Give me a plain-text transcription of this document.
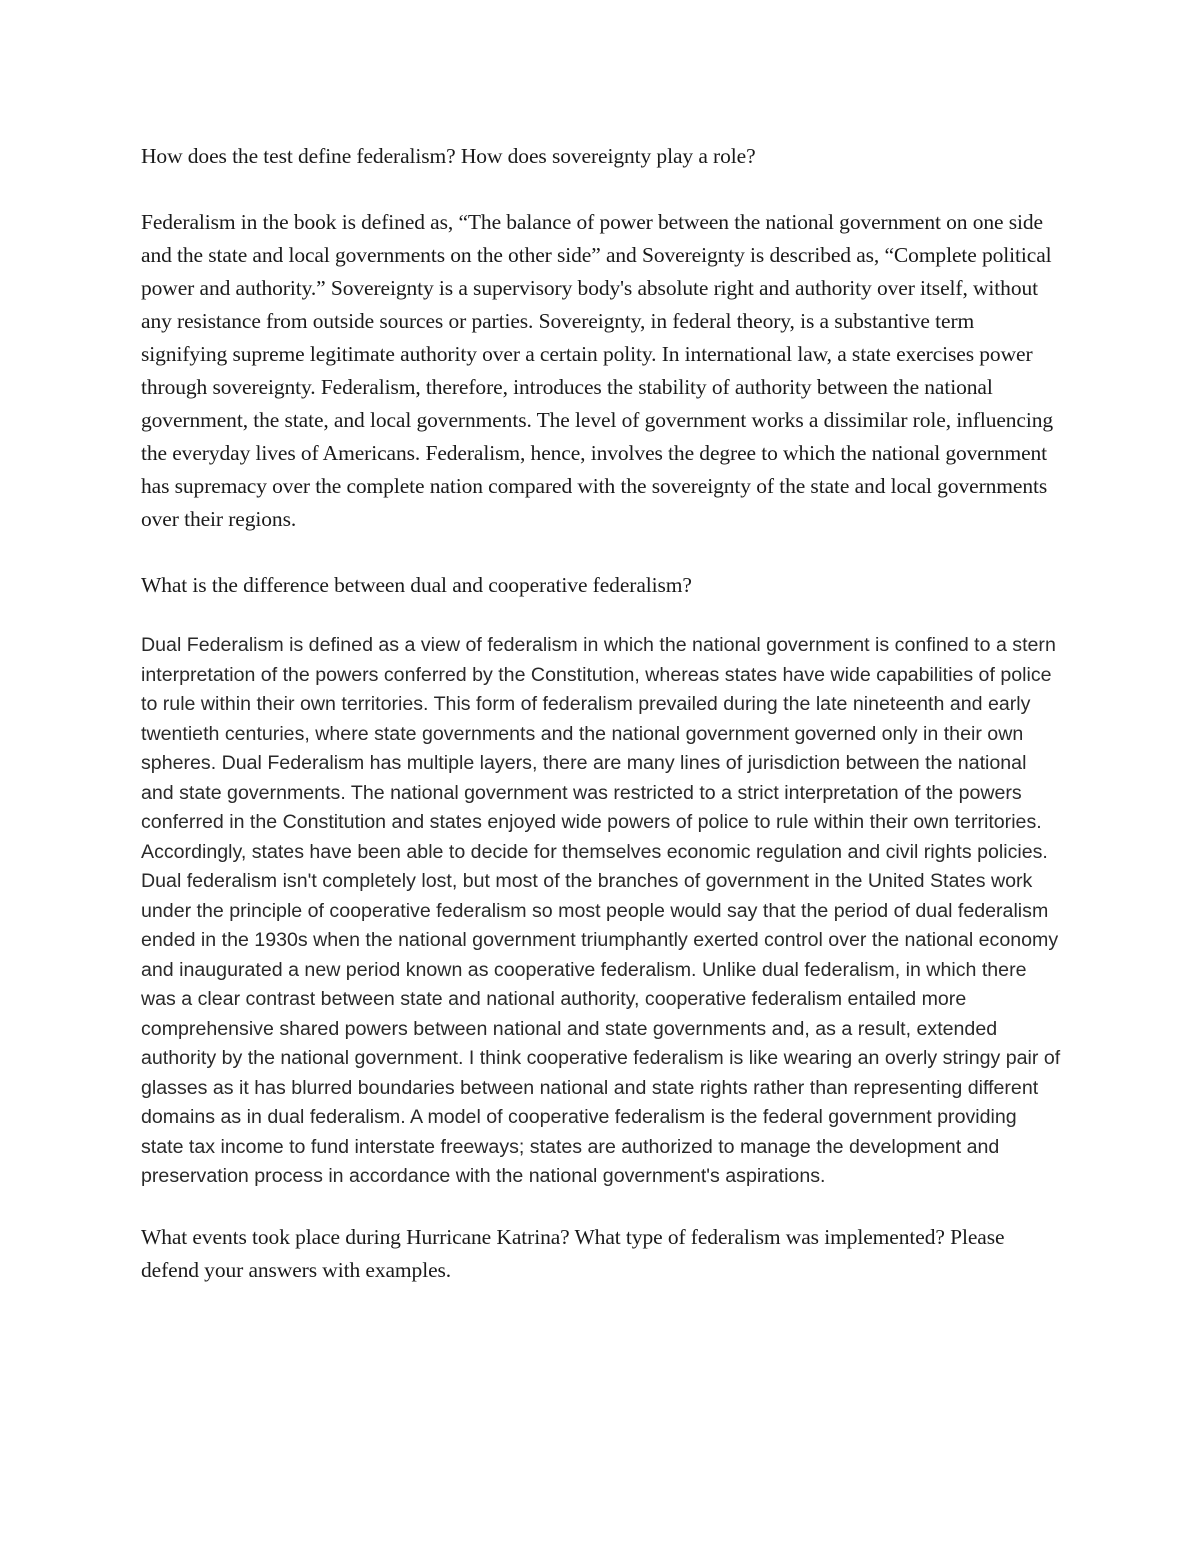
How does the test define federalism? How does sovereignty play a role?

Federalism in the book is defined as, “The balance of power between the national government on one side and the state and local governments on the other side” and Sovereignty is described as, “Complete political power and authority.” Sovereignty is a supervisory body's absolute right and authority over itself, without any resistance from outside sources or parties. Sovereignty, in federal theory, is a substantive term signifying supreme legitimate authority over a certain polity. In international law, a state exercises power through sovereignty. Federalism, therefore, introduces the stability of authority between the national government, the state, and local governments. The level of government works a dissimilar role, influencing the everyday lives of Americans. Federalism, hence, involves the degree to which the national government has supremacy over the complete nation compared with the sovereignty of the state and local governments over their regions.

What is the difference between dual and cooperative federalism?

Dual Federalism is defined as a view of federalism in which the national government is confined to a stern interpretation of the powers conferred by the Constitution, whereas states have wide capabilities of police to rule within their own territories. This form of federalism prevailed during the late nineteenth and early twentieth centuries, where state governments and the national government governed only in their own spheres. Dual Federalism has multiple layers, there are many lines of jurisdiction between the national and state governments. The national government was restricted to a strict interpretation of the powers conferred in the Constitution and states enjoyed wide powers of police to rule within their own territories. Accordingly, states have been able to decide for themselves economic regulation and civil rights policies. Dual federalism isn't completely lost, but most of the branches of government in the United States work under the principle of cooperative federalism so most people would say that the period of dual federalism ended in the 1930s when the national government triumphantly exerted control over the national economy and inaugurated a new period known as cooperative federalism. Unlike dual federalism, in which there was a clear contrast between state and national authority, cooperative federalism entailed more comprehensive shared powers between national and state governments and, as a result, extended authority by the national government. I think cooperative federalism is like wearing an overly stringy pair of glasses as it has blurred boundaries between national and state rights rather than representing different domains as in dual federalism. A model of cooperative federalism is the federal government providing state tax income to fund interstate freeways; states are authorized to manage the development and preservation process in accordance with the national government's aspirations.

What events took place during Hurricane Katrina? What type of federalism was implemented? Please defend your answers with examples.
